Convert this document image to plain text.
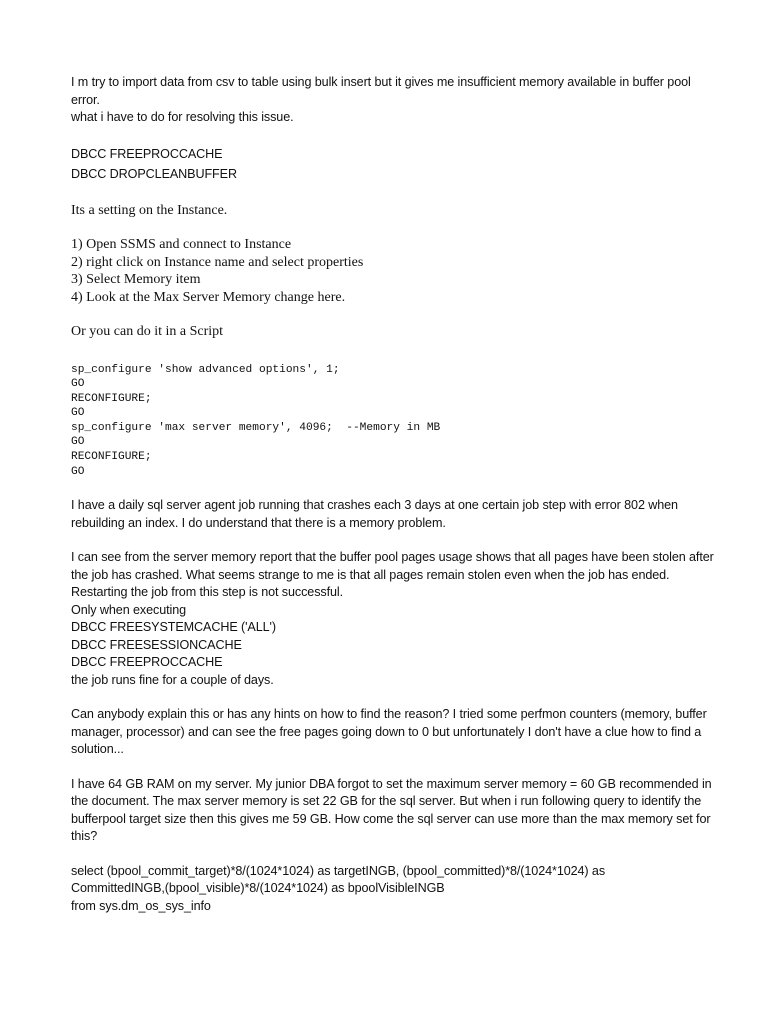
I m try to import data from csv to table using bulk insert but it gives me insufficient memory available in buffer pool error.
what i have to do for resolving this issue.
DBCC FREEPROCCACHE
DBCC DROPCLEANBUFFER
Its a setting on the Instance.
1) Open SSMS and connect to Instance
2) right click on Instance name and select properties
3) Select Memory item
4) Look at the Max Server Memory change here.
Or you can do it in a Script
sp_configure 'show advanced options', 1;
GO
RECONFIGURE;
GO
sp_configure 'max server memory', 4096;  --Memory in MB
GO
RECONFIGURE;
GO
I have a daily sql server agent job running that crashes each 3 days at one certain job step with error 802 when rebuilding an index. I do understand that there is a memory problem.
I can see from the server memory report that the buffer pool pages usage shows that all pages have been stolen after the job has crashed. What seems strange to me is that all pages remain stolen even when the job has ended.
Restarting the job from this step is not successful.
Only when executing
DBCC FREESYSTEMCACHE ('ALL')
DBCC FREESESSIONCACHE
DBCC FREEPROCCACHE
the job runs fine for a couple of days.
Can anybody explain this or has any hints on how to find the reason? I tried some perfmon counters (memory, buffer manager, processor) and can see the free pages going down to 0 but unfortunately I don't have a clue how to find a solution...
I have 64 GB RAM on my server. My junior DBA forgot to set the maximum server memory = 60 GB recommended in the document. The max server memory is set 22 GB for the sql server. But when i run following query to identify the bufferpool target size then this gives me 59 GB. How come the sql server can use more than the max memory set for this?
select (bpool_commit_target)*8/(1024*1024) as targetINGB, (bpool_committed)*8/(1024*1024) as
CommittedINGB,(bpool_visible)*8/(1024*1024) as bpoolVisibleINGB
from sys.dm_os_sys_info
